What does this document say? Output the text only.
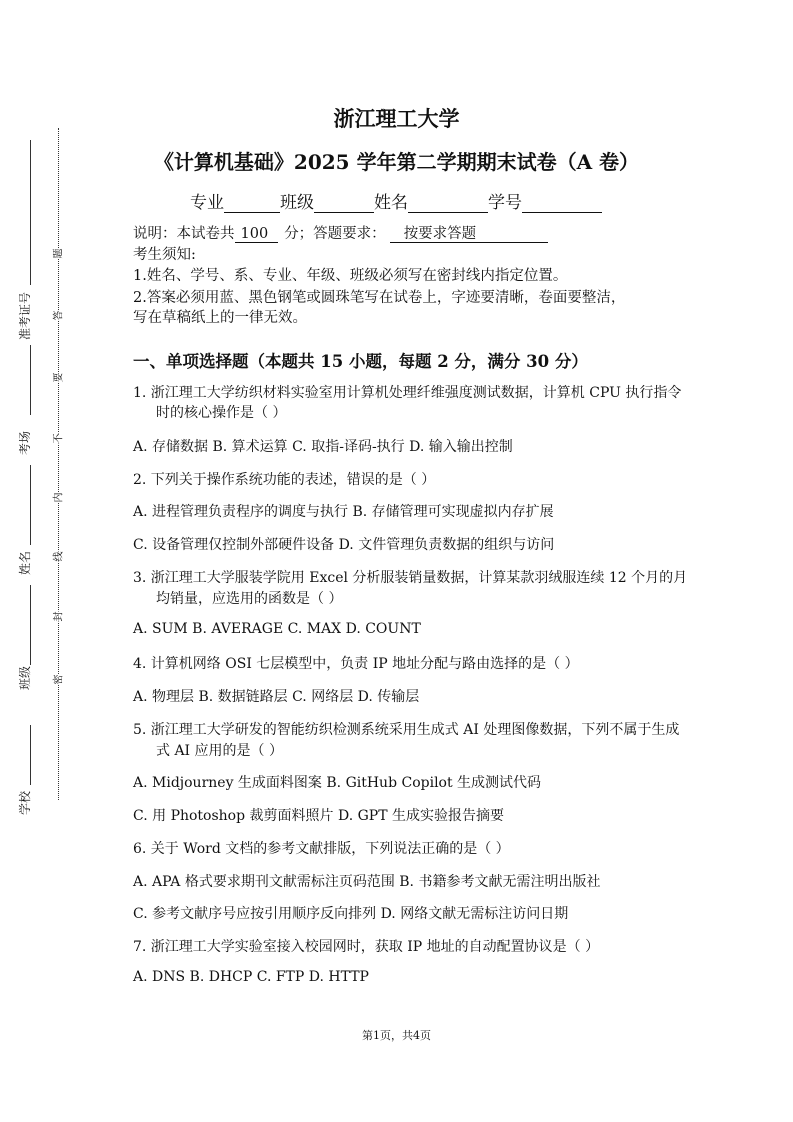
准考证号
考场
姓名
班级
学校
题
答
要
不
内
线
封
密
浙江理工大学
《计算机基础》2025 学年第二学期期末试卷（A 卷）
专业	班级	姓名	学号
说明：本试卷共 100 分；答题要求： 按要求答题
考生须知:
1.姓名、学号、系、专业、年级、班级必须写在密封线内指定位置。
2.答案必须用蓝、黑色钢笔或圆珠笔写在试卷上，字迹要清晰，卷面要整洁，
写在草稿纸上的一律无效。
一、单项选择题（本题共 15 小题，每题 2 分，满分 30 分）
1. 浙江理工大学纺织材料实验室用计算机处理纤维强度测试数据，计算机 CPU 执行指令
时的核心操作是（ ）
A. 存储数据 B. 算术运算 C. 取指-译码-执行 D. 输入输出控制
2. 下列关于操作系统功能的表述，错误的是（ ）
A. 进程管理负责程序的调度与执行 B. 存储管理可实现虚拟内存扩展
C. 设备管理仅控制外部硬件设备 D. 文件管理负责数据的组织与访问
3. 浙江理工大学服装学院用 Excel 分析服装销量数据，计算某款羽绒服连续 12 个月的月
均销量，应选用的函数是（ ）
A. SUM B. AVERAGE C. MAX D. COUNT
4. 计算机网络 OSI 七层模型中，负责 IP 地址分配与路由选择的是（ ）
A. 物理层 B. 数据链路层 C. 网络层 D. 传输层
5. 浙江理工大学研发的智能纺织检测系统采用生成式 AI 处理图像数据，下列不属于生成
式 AI 应用的是（ ）
A. Midjourney 生成面料图案 B. GitHub Copilot 生成测试代码
C. 用 Photoshop 裁剪面料照片 D. GPT 生成实验报告摘要
6. 关于 Word 文档的参考文献排版，下列说法正确的是（ ）
A. APA 格式要求期刊文献需标注页码范围 B. 书籍参考文献无需注明出版社
C. 参考文献序号应按引用顺序反向排列 D. 网络文献无需标注访问日期
7. 浙江理工大学实验室接入校园网时，获取 IP 地址的自动配置协议是（ ）
A. DNS B. DHCP C. FTP D. HTTP
第1页，共4页
